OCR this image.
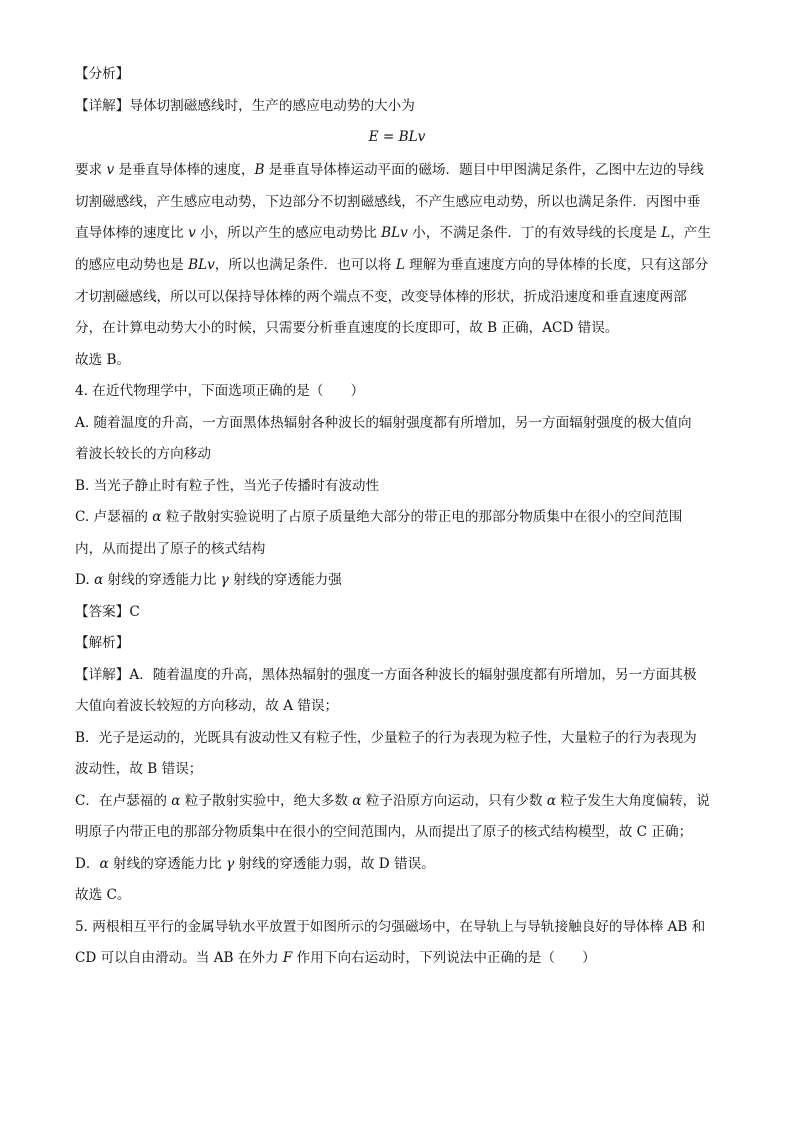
【分析】
【详解】导体切割磁感线时，生产的感应电动势的大小为
E = BLv
要求 v 是垂直导体棒的速度，B 是垂直导体棒运动平面的磁场．题目中甲图满足条件，乙图中左边的导线
切割磁感线，产生感应电动势，下边部分不切割磁感线，不产生感应电动势，所以也满足条件．丙图中垂
直导体棒的速度比 v 小，所以产生的感应电动势比 BLv 小，不满足条件．丁的有效导线的长度是 L，产生
的感应电动势也是 BLv，所以也满足条件．也可以将 L 理解为垂直速度方向的导体棒的长度，只有这部分
才切割磁感线，所以可以保持导体棒的两个端点不变，改变导体棒的形状，折成沿速度和垂直速度两部
分，在计算电动势大小的时候，只需要分析垂直速度的长度即可，故 B 正确，ACD 错误。
故选 B。
4. 在近代物理学中，下面选项正确的是（　　）
A. 随着温度的升高，一方面黑体热辐射各种波长的辐射强度都有所增加，另一方面辐射强度的极大值向
着波长较长的方向移动
B. 当光子静止时有粒子性，当光子传播时有波动性
C. 卢瑟福的 α 粒子散射实验说明了占原子质量绝大部分的带正电的那部分物质集中在很小的空间范围
内，从而提出了原子的核式结构
D. α 射线的穿透能力比 γ 射线的穿透能力强
【答案】C
【解析】
【详解】A．随着温度的升高，黑体热辐射的强度一方面各种波长的辐射强度都有所增加，另一方面其极
大值向着波长较短的方向移动，故 A 错误；
B．光子是运动的，光既具有波动性又有粒子性，少量粒子的行为表现为粒子性，大量粒子的行为表现为
波动性，故 B 错误；
C．在卢瑟福的 α 粒子散射实验中，绝大多数 α 粒子沿原方向运动，只有少数 α 粒子发生大角度偏转，说
明原子内带正电的那部分物质集中在很小的空间范围内，从而提出了原子的核式结构模型，故 C 正确；
D．α 射线的穿透能力比 γ 射线的穿透能力弱，故 D 错误。
故选 C。
5. 两根相互平行的金属导轨水平放置于如图所示的匀强磁场中，在导轨上与导轨接触良好的导体棒 AB 和
CD 可以自由滑动。当 AB 在外力 F 作用下向右运动时，下列说法中正确的是（　　）
